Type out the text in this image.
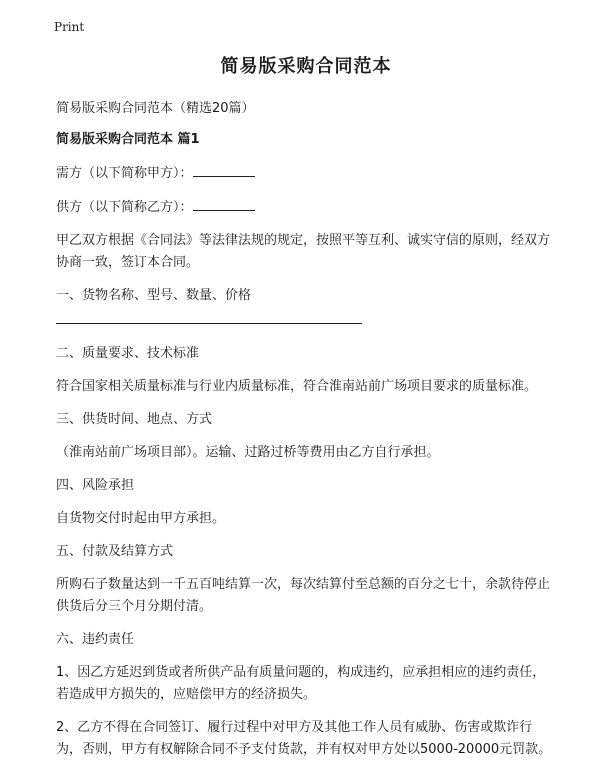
Print
简易版采购合同范本

简易版采购合同范本（精选20篇）

简易版采购合同范本 篇1

需方（以下简称甲方）：

供方（以下简称乙方）：

甲乙双方根据《合同法》等法律法规的规定，按照平等互利、诚实守信的原则，经双方协商一致，签订本合同。

一、货物名称、型号、数量、价格

二、质量要求、技术标准

符合国家相关质量标准与行业内质量标准，符合淮南站前广场项目要求的质量标准。

三、供货时间、地点、方式

（淮南站前广场项目部）。运输、过路过桥等费用由乙方自行承担。

四、风险承担

自货物交付时起由甲方承担。

五、付款及结算方式

所购石子数量达到一千五百吨结算一次，每次结算付至总额的百分之七十，余款待停止供货后分三个月分期付清。

六、违约责任

1、因乙方延迟到货或者所供产品有质量问题的，构成违约，应承担相应的违约责任，若造成甲方损失的，应赔偿甲方的经济损失。

2、乙方不得在合同签订、履行过程中对甲方及其他工作人员有威胁、伤害或欺诈行为，否则，甲方有权解除合同不予支付货款，并有权对甲方处以5000-20000元罚款。
